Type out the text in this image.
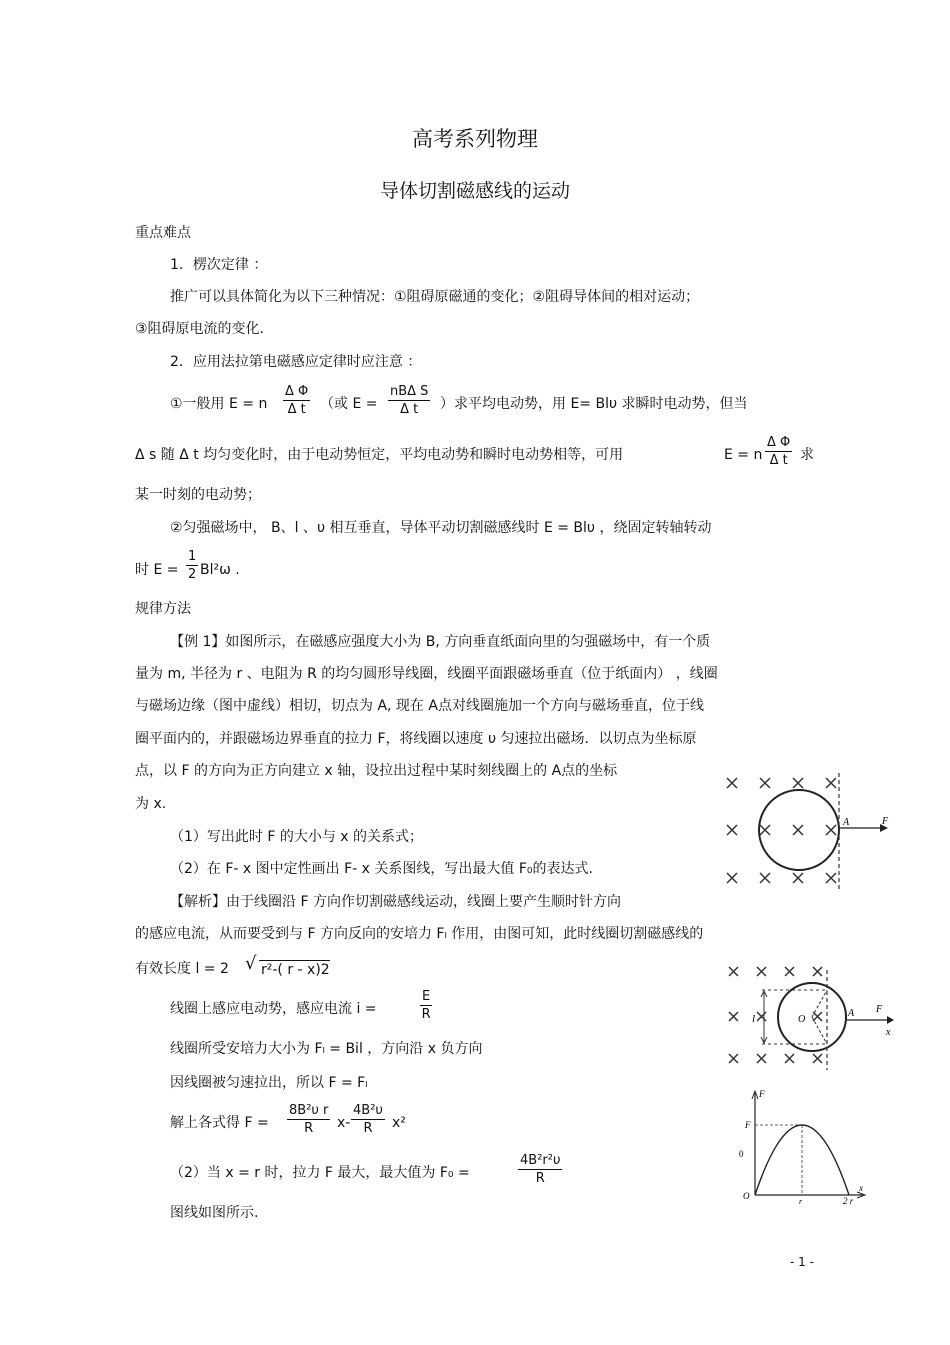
高考系列物理
导体切割磁感线的运动
重点难点
1．楞次定律 ：
推广可以具体简化为以下三种情况：①阻碍原磁通的变化；②阻碍导体间的相对运动；
③阻碍原电流的变化.
2．应用法拉第电磁感应定律时应注意 ：
①一般用 E = n $\frac{\text{Δ Φ}}{\text{Δ t}}$ （或 E =
nBΔ S
Δ t	）求平均电动势，用 E= Blυ 求瞬时电动势，但当
Δ s 随 Δ t 均匀变化时，由于电动势恒定，平均电动势和瞬时电动势相等，可用	E = n $\frac{\text{Δ Φ}}{\text{Δ t}}$ 求
某一时刻的电动势；
②匀强磁场中， B、l 、υ 相互垂直，导体平动切割磁感线时 E = Blυ ，绕固定转轴转动
时 $E = \frac{1}{2} Bl^2\omega$ .
规律方法
【例 1】如图所示，在磁感应强度大小为 B, 方向垂直纸面向里的匀强磁场中，有一个质
量为 m, 半径为 r 、电阻为 R 的均匀圆形导线圈，线圈平面跟磁场垂直（位于纸面内） ，线圈
与磁场边缘（图中虚线）相切，切点为 A, 现在 A点对线圈施加一个方向与磁场垂直，位于线
圈平面内的，并跟磁场边界垂直的拉力 F，将线圈以速度 υ 匀速拉出磁场．以切点为坐标原
点，以 F 的方向为正方向建立 x 轴，设拉出过程中某时刻线圈上的 A点的坐标
为 x.
（1）写出此时 F 的大小与 x 的关系式；
（2）在 F- x 图中定性画出 F- x 关系图线，写出最大值 F₀的表达式.
【解析】由于线圈沿 F 方向作切割磁感线运动，线圈上要产生顺时针方向
的感应电流，从而要受到与 F 方向反向的安培力 Fₗ 作用，由图可知，此时线圈切割磁感线的
有效长度 l = 2 √ r²-( r - x)2
线圈上感应电动势，感应电流 i =	$\frac{E}{R}$
线圈所受安培力大小为 Fₗ = Bil ，方向沿 x 负方向
因线圈被匀速拉出，所以 F = Fₗ
解上各式得 $F = \frac{\text{8B²υ r}}{R} x- \frac{\text{4B²υ}}{R} x^2$
（2）当 x = r 时，拉力 F 最大，最大值为 F₀ =	$\frac{\text{4B²r²υ}}{R}$
图线如图所示.
- 1 -
A	F
l	O
A F
x
F
F
0
O
r	2 r
x
